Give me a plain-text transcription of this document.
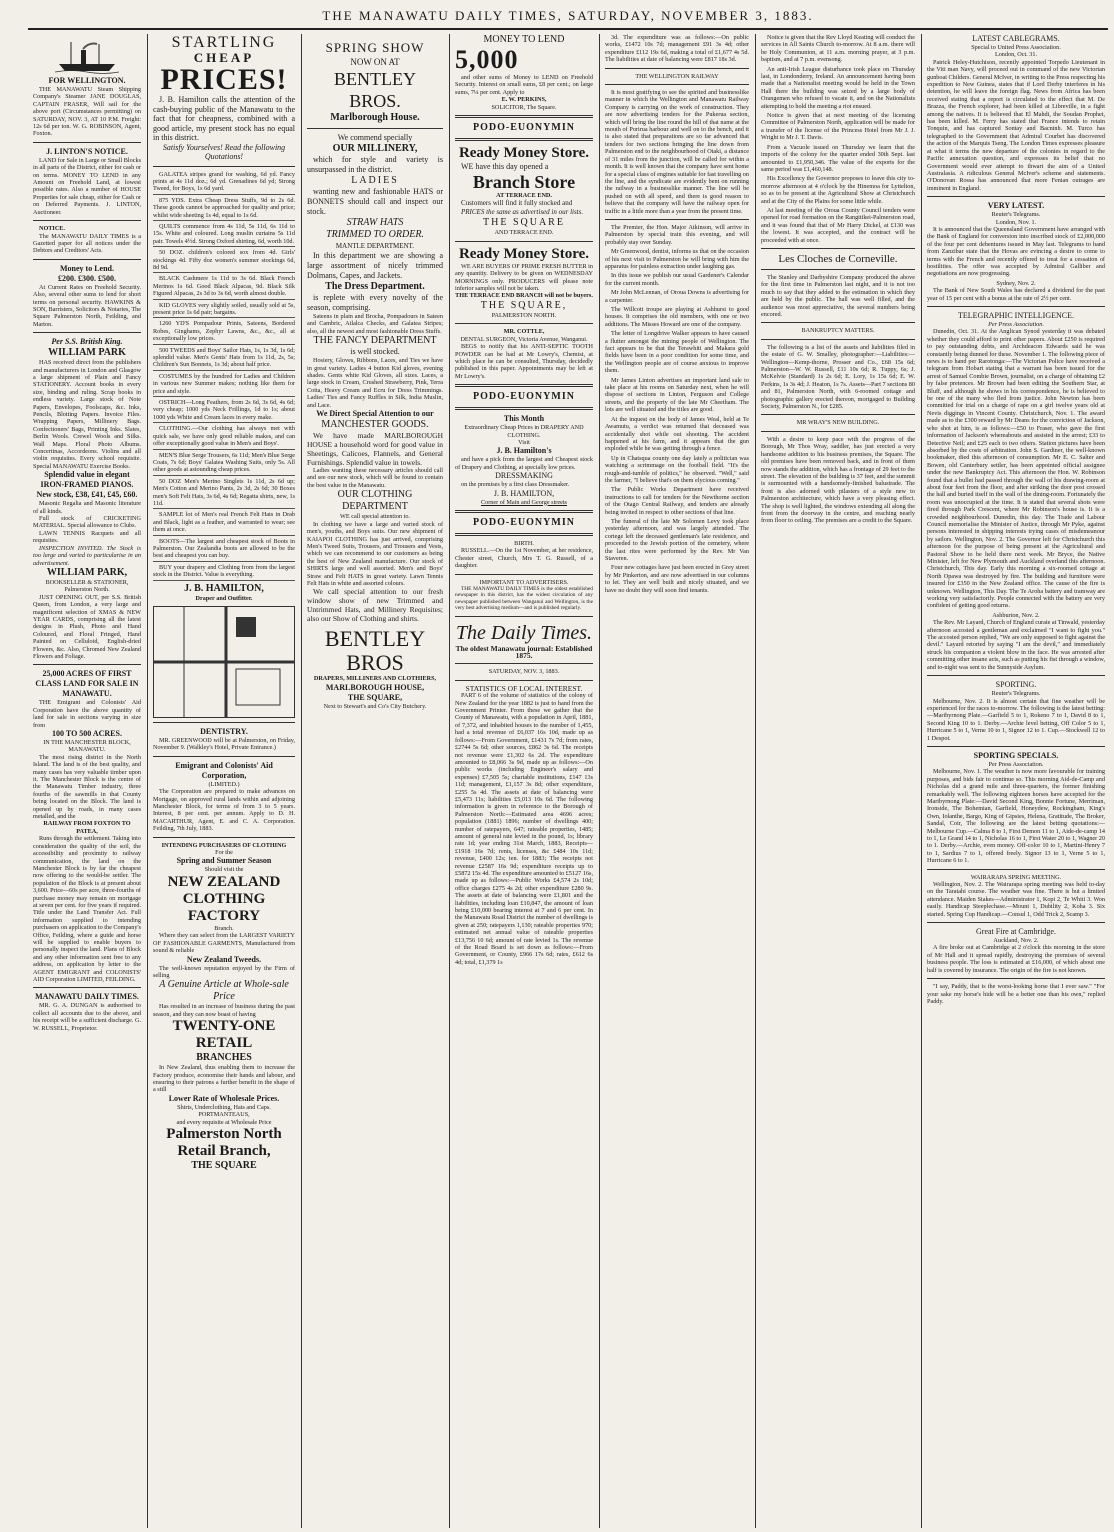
THE MANAWATU DAILY TIMES, SATURDAY, NOVEMBER 3, 1883.
FOR WELLINGTON.
THE MANAWATU Steam Shipping Company's Steamer JANE DOUGLAS, CAPTAIN FRASER, Will sail for the above port (Circumstances permitting) on SATURDAY, NOV. 3, AT 10 P.M. Freight: 12s 6d per ton. W. G. ROBINSON, Agent, Foxton.
J. LINTON'S NOTICE.
LAND for Sale in Large or Small Blocks in all parts of the District, either for cash or on terms. MONEY TO LEND in any Amount on Freehold Land, at lowest possible rates. Also a number of HOUSE Properties for sale cheap, either for Cash or on Deferred Payments. J. LINTON, Auctioneer.
NOTICE.
The MANAWATU DAILY TIMES is a Gazetted paper for all notices under the Debtors and Creditors' Acts.
Money to Lend.
£200. £300. £500.
At Current Rates on Freehold Security. Also, several other sums to lend for short terms on personal security. HAWKINS & SON, Barristers, Solicitors & Notaries, The Square Palmerston North, Feilding, and Marton.
Per S.S. British King.
WILLIAM PARK
HAS received direct from the publishers and manufacturers in London and Glasgow a large shipment of Plain and Fancy STATIONERY. Account books in every size, binding and ruling. Scrap books in endless variety. Large stock of Note Papers, Envelopes, Foolscaps, &c. Inks, Pencils, Blotting Papers. Invoice Files. Wrapping Papers, Millinery Bags. Confectioners' Bags, Printing Inks. Slates, Berlin Wools. Crewel Wools and Silks. Wall Maps. Floral Photo Albums. Concertinas, Accordeons. Violins and all violin requisites. Every school requisite. Special MANAWATU Exercise Books.
Splendid value in elegant IRON-FRAMED PIANOS. New stock, £38, £41, £45, £60.
Masonic Regalia and Masonic literature of all kinds.
Full stock of CRICKETING MATERIAL. Special allowance to Clubs.
LAWN TENNIS Racquets and all requisites.
INSPECTION INVITED. The Stock is too large and varied to particularise in an advertisement.
WILLIAM PARK,
BOOKSELLER & STATIONER, Palmerston North.
JUST OPENING OUT, per S.S. British Queen, from London, a very large and magnificent selection of XMAS & NEW YEAR CARDS, comprising all the latest designs in Plush, Photo and Hand Coloured, and Floral Fringed, Hand Painted on Celluloid, English-dried Flowers, &c. Also, Chromed New Zealand Flowers and Foliage.
25,000 ACRES OF FIRST CLASS LAND FOR SALE IN MANAWATU.
THE Emigrant and Colonists' Aid Corporation have the above quantity of land for sale in sections varying in size from
100 TO 500 ACRES.
IN THE MANCHESTER BLOCK, MANAWATU.
The most rising district in the North Island. The land is of the best quality, and many cases has very valuable timber upon it. The Manchester Block is the centre of the Manawatu Timber industry, three fourths of the sawmills in that County being located on the Block. The land is opened up by roads, in many cases metalled, and the
RAILWAY FROM FOXTON TO PATEA,
Runs through the settlement. Taking into consideration the quality of the soil, the accessibility and proximity to railway communication, the land on the Manchester Block is by far the cheapest now offering to the would-be settler. The population of the Block is at present about 3,600. Price—60s per acre, three-fourths of purchase money may remain on mortgage at seven per cent. for five years if required. Title under the Land Transfer Act. Full information supplied to intending purchasers on application to the Company's Office, Feilding, where a guide and horse will be supplied to enable buyers to personally inspect the land. Plans of Block and any other information sent free to any address, on application by letter to the AGENT EMIGRANT and COLONISTS' AID Corporation LIMITED, FEILDING.
MANAWATU DAILY TIMES.
MR. G. A. DUNGAN is authorised to collect all accounts due to the above, and his receipt will be a sufficient discharge. G. W. RUSSELL, Proprietor.
STARTLING
CHEAP
PRICES!
J. B. Hamilton calls the attention of the cash-buying public of the Manawatu to the fact that for cheapness, combined with a good article, my present stock has no equal in this district.
Satisfy Yourselves! Read the following Quotations!
GALATEA stripes grand for washing, 6d yd. Fancy prints at 4s 11d doz.; 6d yd. Grenadines 6d yd; Strong Tweed, for Boys, 1s 6d yard.
875 YDS. Extra Cheap Dress Stuffs, 9d to 2s 6d. These goods cannot be approached for quality and price; whilst wide sheeting 1s 4d, equal to 1s 6d.
QUILTS commence from 4s 11d, 5s 11d, 6s 11d to 15s. White and coloured. Long muslin curtains 5s 11d pair. Towels 4½d. Strong Oxford shirting, 6d, worth 10d.
50 DOZ. children's colored sox from 4d. Girls' stockings 4d. Fifty doz women's summer stockings 6d, 8d 9d.
BLACK Cashmere 1s 11d to 3s 6d. Black French Merinos 1s 6d. Good Black Alpacas, 9d. Black Silk Figured Alpacas, 2s 3d to 3s 6d, worth almost double.
KID GLOVES very slightly soiled, usually sold at 5s, present price 1s 6d pair; bargains.
1260 YD'S Pompadour Prints, Sateens, Bordered Robes, Ginghams, Zephyr Lawns, &c., &c., all at exceptionally low prices.
500 TWEEDS and Boys' Sailor Hats, 1s, 1s 3d, 1s 6d; splendid value. Men's Gents' Hats from 1s 11d, 2s, 5s; Children's Sun Bonnets, 1s 3d; about half price.
COSTUMES by the hundred for Ladies and Children in various new Summer makes; nothing like them for price and style.
OSTRICH—Long Feathers, from 2s 6d, 3s 6d, 4s 6d; very cheap; 1000 yds Neck Frillings, 1d to 1s; about 1000 yds White and Cream laces in every make.
CLOTHING.—Our clothing has always met with quick sale, we have only good reliable makes, and can offer exceptionally good value in Men's and Boys'.
MEN'S Blue Serge Trousers, 6s 11d; Men's Blue Serge Coats, 7s 6d; Boys' Galatea Washing Suits, only 5s. All other goods at astounding cheap prices.
50 DOZ Men's Merino Singlets 1s 11d, 2s 6d up; Men's Cotton and Merino Pants, 2s 3d, 2s 6d; 30 Boxes men's Soft Felt Hats, 3s 6d, 4s 6d; Regatta shirts, new, 1s 11d.
SAMPLE lot of Men's real French Felt Hats in Drab and Black, light as a feather, and warranted to wear; see them at once.
BOOTS—The largest and cheapest stock of Boots in Palmerston. Our Zealandia boots are allowed to be the best and cheapest you can buy.
BUY your drapery and Clothing from from the largest stock in the District. Value is everything.
J. B. HAMILTON,
Draper and Outfitter.
DENTISTRY.
MR. GREENWOOD will be at Palmerston, on Friday, November 9. (Walkley's Hotel, Private Entrance.)
Emigrant and Colonists' Aid Corporation,
(LIMITED.)
The Corporation are prepared to make advances on Mortgage, on approved rural lands within and adjoining Manchester Block, for terms of from 3 to 5 years. Interest, 8 per cent. per annum. Apply to D. H. MACARTHUR, Agent, E. and C. A. Corporation. Feilding, 7th July, 1883.
INTENDING PURCHASERS OF CLOTHING
For the
Spring and Summer Season
Should visit the
NEW ZEALAND CLOTHING FACTORY
Branch.
Where they can select from the LARGEST VARIETY OF FASHIONABLE GARMENTS, Manufactured from sound & reliable
New Zealand Tweeds.
The well-known reputation enjoyed by the Firm of selling
A Genuine Article at Whole-sale Price
Has resulted in an increase of business during the past season, and they can now boast of having
TWENTY-ONE RETAIL
BRANCHES
In New Zealand, thus enabling them to increase the Factory produce, economise their hands and labour, and ensuring to their patrons a further benefit in the shape of a still
Lower Rate of Wholesale Prices.
Shirts, Underclothing, Hats and Caps.
PORTMANTEAUS,
and every requisite at Wholesale Price
Palmerston North Retail Branch,
THE SQUARE
SPRING SHOW
NOW ON AT
BENTLEY BROS.
Marlborough House.
We commend specially
OUR MILLINERY,
which for style and variety is unsurpassed in the district.
LADIES
wanting new and fashionable HATS or BONNETS should call and inspect our stock.
STRAW HATS
TRIMMED TO ORDER.
MANTLE DEPARTMENT.
In this department we are showing a large assortment of nicely trimmed Dolmans, Capes, and Jackets.
The Dress Department.
is replete with every novelty of the season, comprising.
Sateens in plain and Brocha, Pompadours in Sateen and Cambric, Atlalca Checks, and Galatea Stripes; also, all the newest and most fashionable Dress Stuffs.
THE FANCY DEPARTMENT
is well stocked.
Hosiery, Gloves, Ribbons, Laces, and Ties we have in great variety. Ladies 4 button Kid gloves, evening shades. Gents white Kid Gloves, all sizes. Laces, a large stock in Cream, Crushed Strawberry, Pink, Terra Cotta, Heavy Cream and Ecru for Dress Trimmings. Ladies' Ties and Fancy Ruffles in Silk, India Muslin, and Lace.
We Direct Special Attention to our
MANCHESTER GOODS.
We have made MARLBOROUGH HOUSE a household word for good value in Sheetings, Calicoes, Flannels, and General Furnishings. Splendid value in towels.
Ladies wanting these necessary articles should call and see our new stock, which will be found to contain the best value in the Manawatu.
OUR CLOTHING DEPARTMENT
WE call special attention to.
In clothing we have a large and varied stock of men's, youths, and Boys suits. Our new shipment of KAIAPOI CLOTHING has just arrived, comprising Men's Tweed Suits, Trousers, and Trousers and Vests, which we can recommend to our customers as being the best of New Zealand manufacture. Our stock of SHIRTS large and well assorted. Men's and Boys' Straw and Felt HATS in great variety. Lawn Tennis Felt Hats in white and assorted colours.
We call special attention to our fresh window show of new Trimmed and Untrimmed Hats, and Millinery Requisites; also our Show of Clothing and shirts.
BENTLEY BROS
DRAPERS, MILLINERS AND CLOTHIERS,
MARLBOROUGH HOUSE,
THE SQUARE,
Next to Stewart's and Co's City Butchery.
MONEY TO LEND
5,000
and other sums of Money to LEND on Freehold Security. Interest on small sums, £8 per cent.; on large sums, 7¼ per cent. Apply to
E. W. PERKINS,
SOLICITOR, The Square.
PODO-EUONYMIN
Ready Money Store.
WE have this day opened a
Branch Store
AT TERRACE END.
Customers will find it fully stocked and
PRICES the same as advertised in our lists.
THE SQUARE
AND TERRACE END.
Ready Money Store.
WE ARE BUYERS OF PRIME FRESH BUTTER in any quantity. Delivery to be given on WEDNESDAY MORNINGS only. PRODUCERS will please note inferior samples will not be taken.
THE TERRACE END BRANCH will not be buyers.
THE SQUARE,
PALMERSTON NORTH.
MR. COTTLE,
DENTAL SURGEON, Victoria Avenue, Wanganui.
BEGS to notify that his ANTI-SEPTIC TOOTH POWDER can be had at Mr Lowry's, Chemist, at which place he can be consulted, Thursday, decidedly published in this paper. Appointments may be left at Mr Lowry's.
PODO-EUONYMIN
This Month
Extraordinary Cheap Prices in DRAPERY AND CLOTHING.
Visit
J. B. Hamilton's
and have a pick from the largest and Cheapest stock of Drapery and Clothing, at specially low prices.
DRESSMAKING
on the premises by a first class Dressmaker.
J. B. HAMILTON,
Corner of Main and George streets
PODO-EUONYMIN
BIRTH.
RUSSELL.—On the 1st November, at her residence, Chester street, Church, Mrs T. G. Russell, of a daughter.
IMPORTANT TO ADVERTISERS.
THE MANAWATU DAILY TIMES is the oldest established newspaper in this district, has the widest circulation of any newspaper published between Wanganui and Wellington, is the very best advertising medium—and is published regularly.
The Daily Times.
The oldest Manawatu journal: Established 1875.
SATURDAY, NOV. 3, 1883.
STATISTICS OF LOCAL INTEREST.
PART 6 of the volume of statistics of the colony of New Zealand for the year 1882 is just to hand from the Government Printer. From these we gather that the County of Manawatu, with a population in April, 1881, of 7,372, and inhabited houses to the number of 1,455, had a total revenue of £6,037 16s 10d, made up as follows:—From Government, £1431 7s 7d; from rates, £2744 5s 6d; other sources, £862 3s 6d. The receipts not revenue were £1,302 6s 2d. The expenditure amounted to £8,066 3s 9d, made up as follows:—On public works (including Engineer's salary and expenses) £7,505 5s; chartable institutions, £147 13s 11d; management, £1,157 3s 8d; other expenditure, £255 5s 4d. The assets at date of balancing were £5,473 11s; liabilities £5,013 10s 6d. The following information is given in reference to the Borough of Palmerston North:—Estimated area 4696 acres; population (1881) 1896; number of dwellings 400; number of ratepayers, 647; rateable properties, 1485; amount of general rate levied in the pound, 1s; library rate 1d; year ending 31st March, 1883, Receipts—£1918 16s 7d; rents, licenses, &c £484 10s 11d; revenue, £400 12s; ten. for 1883; The receipts not revenue £2587 16s 9d; expenditure receipts up to £5872 15s 4d. The expenditure amounted to £5127 16s, made up as follows:—Public Works £4,574 2s 10d; office charges £275 4s 2d; other expenditure £280 9s. The assets at date of balancing were £1,801 and the liabilities, including loan £10,847, the amount of loan being £10,000 bearing interest at 7 and 6 per cent. In the Manawatu Road District the number of dwellings is given at 250; ratepayers 1,130; rateable properties 970; estimated net annual value of rateable properties £13,756 10 6d; amount of rate levied 1s. The revenue of the Road Board is set down as follows:—From Government, or County, £966 17s 6d; rates, £612 6s 4d; total, £1,379 1s
3d. The expenditure was as follows:—On public works, £1472 10s 7d; management £91 3s 4d; other expenditure £112 19s 6d, making a total of £1,677 4s 5d. The liabilities at date of balancing were £817 18s 3d.
THE WELLINGTON RAILWAY
It is most gratifying to see the spirited and businesslike manner in which the Wellington and Manawatu Railway Company is carrying on the work of construction. They are now advertising tenders for the Pukerua section, which will bring the line round the hill of that name at the mouth of Porirua harbour and well on to the bench, and it is also stated that preparations are so far advanced that tenders for two sections bringing the line down from Palmerston end to the neighbourhood of Otaki, a distance of 31 miles from the junction, will be called for within a month. It is well known that the company have sent home for a special class of engines suitable for fast travelling on the line, and the syndicate are evidently bent on running the railway in a businesslike manner. The line will be pushed on with all speed, and there is good reason to believe that the company will have the railway open for traffic in a little more than a year from the present time.

The Premier, the Hon. Major Atkinson, will arrive in Palmerston by special train this evening, and will probably stay over Sunday.

Mr Greenwood, dentist, informs us that on the occasion of his next visit to Palmerston he will bring with him the apparatus for painless extraction under laughing gas.

In this issue we publish our usual Gardener's Calendar for the current month.

Mr John McLennan, of Oroua Downs is advertising for a carpenter.

The Willcott troupe are playing at Ashhurst to good houses. It comprises the old members, with one or two additions. The Misses Howard are one of the company.

The letter of Longdrive Walker appears to have caused a flutter amongst the mining people of Wellington. The fact appears to be that the Terawhiti and Makara gold fields have been in a poor condition for some time, and the Wellington people are of course anxious to improve them.

Mr James Linton advertises an important land sale to take place at his rooms on Saturday next, when he will dispose of sections in Linton, Ferguson and College streets, and the property of the late Mr Cheetham. The lots are well situated and the titles are good.

At the inquest on the body of James Weal, held at Te Awamutu, a verdict was returned that deceased was accidentally shot while out shooting. The accident happened at his farm, and it appears that the gun exploded while he was getting through a fence.

Up in Chatsqua county one day lately a politician was watching a scrimmage on the football field. "It's the rough-and-tumble of politics," he observed. "Well," said the farmer, "I believe that's on them elycious coming."

The Public Works Department have received instructions to call for tenders for the Newthorne section of the Otago Central Railway, and tenders are already being invited in respect to other sections of that line.

The funeral of the late Mr Solomen Levy took place yesterday afternoon, and was largely attended. The cortege left the deceased gentleman's late residence, and proceeded to the Jewish portion of the cemetery, where the last rites were performed by the Rev. Mr Van Staveren.

Four new cottages have just been erected in Grey street by Mr Pinkerton, and are now advertised in our columns to let. They are well built and nicely situated, and we have no doubt they will soon find tenants.

Notice is given that the Rev Lloyd Keating will conduct the services in All Saints Church to-morrow. At 8 a.m. there will be Holy Communion, at 11 a.m. morning prayer, at 3 p.m. baptism, and at 7 p.m. evensong.

An anti-Irish League disturbance took place on Thursday last, in Londonderry, Ireland. An announcement having been made that a Nationalist meeting would be held in the Town Hall there the building was seized by a large body of Orangemen who refused to vacate it, and on the Nationalists attempting to hold the meeting a riot ensued.

Notice is given that at next meeting of the licensing Committee of Palmerston North, application will be made for a transfer of the license of the Princess Hotel from Mr J. J. Wright to Mr J. T. Davis.

From a Vacuole issued on Thursday we learn that the imports of the colony for the quarter ended 30th Sept. last amounted to £1,950,346. The value of the exports for the same period was £1,460,148.

His Excellency the Governor proposes to leave this city to-morrow afternoon at 4 o'clock by the Hinemoa for Lyttelton, so as to be present at the Agricultural Show at Christchurch and at the City of the Plains for some little while.

At last meeting of the Oroua County Council tenders were opened for road formation on the Rangitikei-Palmerston road, and it was found that that of Mr Harry Dickel, at £130 was the lowest. It was accepted, and the contract will be proceeded with at once.

Les Cloches de Corneville.

The Stanley and Darbyshire Company produced the above for the first time in Palmerston last night, and it is not too much to say that they added to the estimation in which they are held by the public. The hall was well filled, and the audience was most appreciative, the several numbers being encored.

BANKRUPTCY MATTERS.

The following is a list of the assets and liabilities filed in the estate of G. W. Smalley, photographer:—Liabilities:—Wellington—Kemp-thorne, Prosser and Co., £68 15s 6d; Palmerston—W. W. Russell, £11 10s 6d; R. Tuppy, 6s; J. McKelvie (Standard) 1s 2s 6d; E. Lory, 1s 15s 6d; E. W. Perkins, 1s 3s 4d; J. Heaton, 1s 7s. Assets—Part 7 sections 80 and 81, Palmerston North, with 6-roomed cottage and photographic gallery erected thereon, mortgaged to Building Society, Palmerston N., for £285.

MR WRAY'S NEW BUILDING.

With a desire to keep pace with the progress of the Borough, Mr Thos Wray, saddler, has just erected a very handsome addition to his business premises, the Square. The old premises have been removed back, and in front of them now stands the addition, which has a frontage of 29 feet to the street. The elevation of the building is 37 feet, and the summit is surmounted with a handsomely-finished balustrade. The front is also adorned with pilasters of a style new to Palmerston architecture, which have a very pleasing effect. The shop is well lighted, the windows extending all along the front from the doorway in the centre, and reaching nearly from floor to ceiling. The premises are a credit to the Square.

LATEST CABLEGRAMS.
Special to United Press Association.
London, Oct. 31.

Patrick Heley-Hutchison, recently appointed Torpedo Lieutenant in the Viti man Navy, will proceed out in command of the new Victorian gunboat Childers. General McIver, in writing to the Press respecting his expedition to New Guinea, states that if Lord Derby interferes in his detention, he will leave the foreign flag. News from Africa has been received stating that a report is circulated to the effect that M. De Brazza, the French explorer, had been killed at Libreville, in a fight among the natives. It is believed that El Mahdi, the Soudan Prophet, has been killed. M. Ferry has stated that France intends to retain Tonquin, and has captured Sontay and Bacninh. M. Turco has telegraphed to the Government that Admiral Courbet has discovered the action of the Marquis Tseng. The London Times expresses pleasure at what it terms the new departure of the colonies in regard to the Pacific annexation question, and expresses its belief that no Government would ever attempt to thwart the aim of a United Australasia. A ridiculous General McIver's scheme and statements. O'Donovan Rossa has announced that more Fenian outrages are imminent in England.

VERY LATEST.
Reuter's Telegrams.
London, Nov. 1.

It is announced that the Queensland Government have arranged with the Bank of England for conversion into inscribed stock of £2,000,000 of the four per cent debentures issued in May last. Telegrams to hand from Zanzibar state that the Hovas are evincing a desire to come to terms with the French and recently offered to treat for a cessation of hostilities. The offer was accepted by Admiral Galliber and negotiations are now progressing.

Sydney, Nov. 2.

The Bank of New South Wales has declared a dividend for the past year of 15 per cent with a bonus at the rate of 2½ per cent.

TELEGRAPHIC INTELLIGENCE.
Per Press Association.

Dunedin, Oct. 31. At the Anglican Synod yesterday it was debated whether they could afford to print other papers. About £250 is required to pay outstanding debts, and Archdeacon Edwards said he was constantly being dunned for these. November 1. The following piece of news is to hand per Rarotonga:—The Victorian Police have received a telegram from Hobart stating that a warrant has been issued for the arrest of Samuel Combie Brown, journalist, on a charge of obtaining £2 by false pretences. Mr Brown had been editing the Southern Star, at Bluff, and although he shows in his correspondence, he is believed to be one of the many who fled from justice. John Newton has been committed for trial on a charge of rape on a girl twelve years old at Nevis diggings in Vincent County. Christchurch, Nov. 1. The award made as to the £300 reward by Mr Deans for the conviction of Jackson, who shot at him, is as follows:—£50 to Fraser, who gave the first information of Jackson's whereabouts and assisted in the arrest; £33 to Detective Neil; and £25 each to two others. Station pictures have been absorbed by the costs of arbitration. John S. Gardiner, the well-known bookmaker, died this afternoon of consumption. Mr E. C. Salter and Bowen, old Canterbury settler, has been appointed official assignee under the new Bankruptcy Act. This afternoon the Hon. W. Robinson found that a bullet had passed through the wall of his drawing-room at about four feet from the floor, and after striking the door post crossed the hall and buried itself in the wall of the dining-room. Fortunately the room was unoccupied at the time. It is stated that several shots were fired through Park Crescent, where Mr Robinson's house is. It is a crowded neighbourhood. Dunedin, this day. The Trade and Labour Council memorialise the Minister of Justice, through Mr Pyke, against persons interested in shipping interests trying cases of misdemeanour by sailors. Wellington, Nov. 2. The Governor left for Christchurch this afternoon for the purpose of being present at the Agricultural and Pastoral Show to be held there next week. Mr Bryce, the Native Minister, left for New Plymouth and Auckland overland this afternoon. Christchurch, This day. Early this morning a six-roomed cottage at North Opawa was destroyed by fire. The building and furniture were insured for £350 in the New Zealand office. The cause of the fire is unknown. Wellington, This Day. The Te Aroha battery and tramway are working very satisfactorily. People connected with the battery are very confident of getting good returns.

Ashburton, Nov. 2.

The Rev. Mr Layard, Church of England curate at Tinwald, yesterday afternoon accosted a gentleman and exclaimed "I want to fight you." The accosted person replied, "We are only supposed to fight against the devil." Layard retorted by saying "I am the devil," and immediately struck his companion a violent blow in the face. He was arrested after committing other insane acts, such as putting his fist through a window, and to-night was sent to the Sunnyside Asylum.

SPORTING.
Reuter's Telegrams.

Melbourne, Nov. 2. It is almost certain that fine weather will be experienced for the races to-morrow. The following is the latest betting:—Maribyrnong Plate.—Garfield 5 to 1, Rokeno 7 to 1, David 8 to 1, Second King 10 to 1. Derby.—Archie level betting, Off Color 5 to 1, Hurricane 5 to 1, Verne 10 to 1, Signor 12 to 1. Cup.—Stockwell 12 to 1 Despot.

SPORTING SPECIALS.
Per Press Association.

Melbourne, Nov. 1. The weather is now more favourable for training purposes, and bids fair to continue so. This morning Aid-de-Camp and Nicholas did a grand mile and three-quarters, the former finishing remarkably well. The following eighteen horses have accepted for the Maribyrnong Plate:—David Second King, Bonnie Fortune, Merriman, Ironside, The Bohemian, Garfield, Honeydew, Rockingham, King's Own, Iolanthe, Bargo, King of Gipsies, Helena, Gratitude, The Broker, Sandal, Coir, The following are the latest betting quotations:—Melbourne Cup.—Calma 8 to 1, First Demon 11 to 1, Aide-de-camp 14 to 1, Le Grand 14 to 1, Nicholas 16 to 1, First Water 20 to 1, Wagner 20 to 1. Derby.—Archie, even money. Off-color 10 to 1, Martini-Henry 7 to 1, Sardius 7 to 1, offered freely. Signor 13 to 1, Verne 5 to 1, Hurricane 6 to 1.

WAIRARAPA SPRING MEETING.

Wellington, Nov. 2. The Wairarapa spring meeting was held to-day on the Taratahi course. The weather was fine. There is but a limited attendance. Maiden Stakes—Administrator 1, Kopi 2, Te Whiti 3. Won easily. Handicap Steeplechase.—Mount 1, Dubility 2, Koha 3. Six started. Spring Cup Handicap.—Consul 1, Odd Trick 2, Scamp 3.

Great Fire at Cambridge.
Auckland, Nov. 2.

A fire broke out at Cambridge at 2 o'clock this morning in the store of Mr Hall and it spread rapidly, destroying the premises of several business people. The loss is estimated at £16,000, of which about one half is covered by insurance. The origin of the fire is not known.

"I say, Paddy, that is the worst-looking horse that I ever saw." "For your sake my horse's hide will be a better one than his own," replied Paddy.
